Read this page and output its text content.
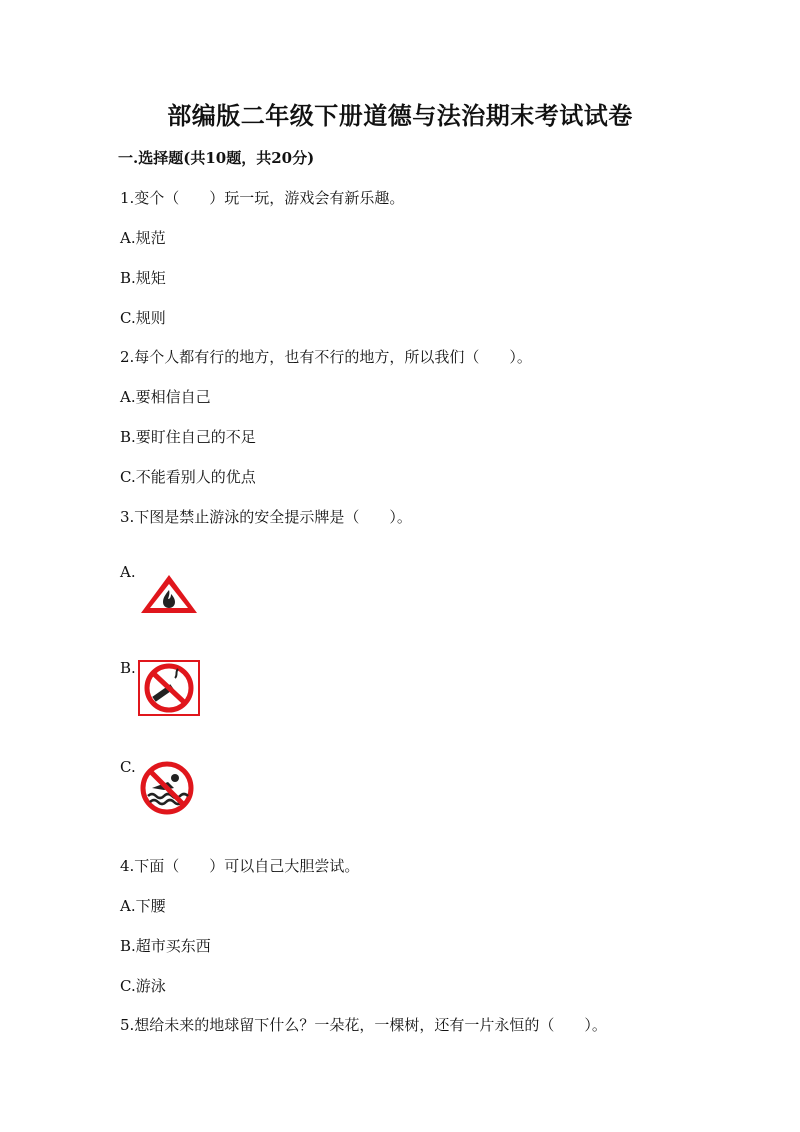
部编版二年级下册道德与法治期末考试试卷
一.选择题(共10题，共20分)
1.变个（　　）玩一玩，游戏会有新乐趣。
A.规范
B.规矩
C.规则
2.每个人都有行的地方，也有不行的地方，所以我们（　　）。
A.要相信自己
B.要盯住自己的不足
C.不能看别人的优点
3.下图是禁止游泳的安全提示牌是（　　）。
A.
B.
C.
4.下面（　　）可以自己大胆尝试。
A.下腰
B.超市买东西
C.游泳
5.想给未来的地球留下什么？一朵花，一棵树，还有一片永恒的（　　）。
